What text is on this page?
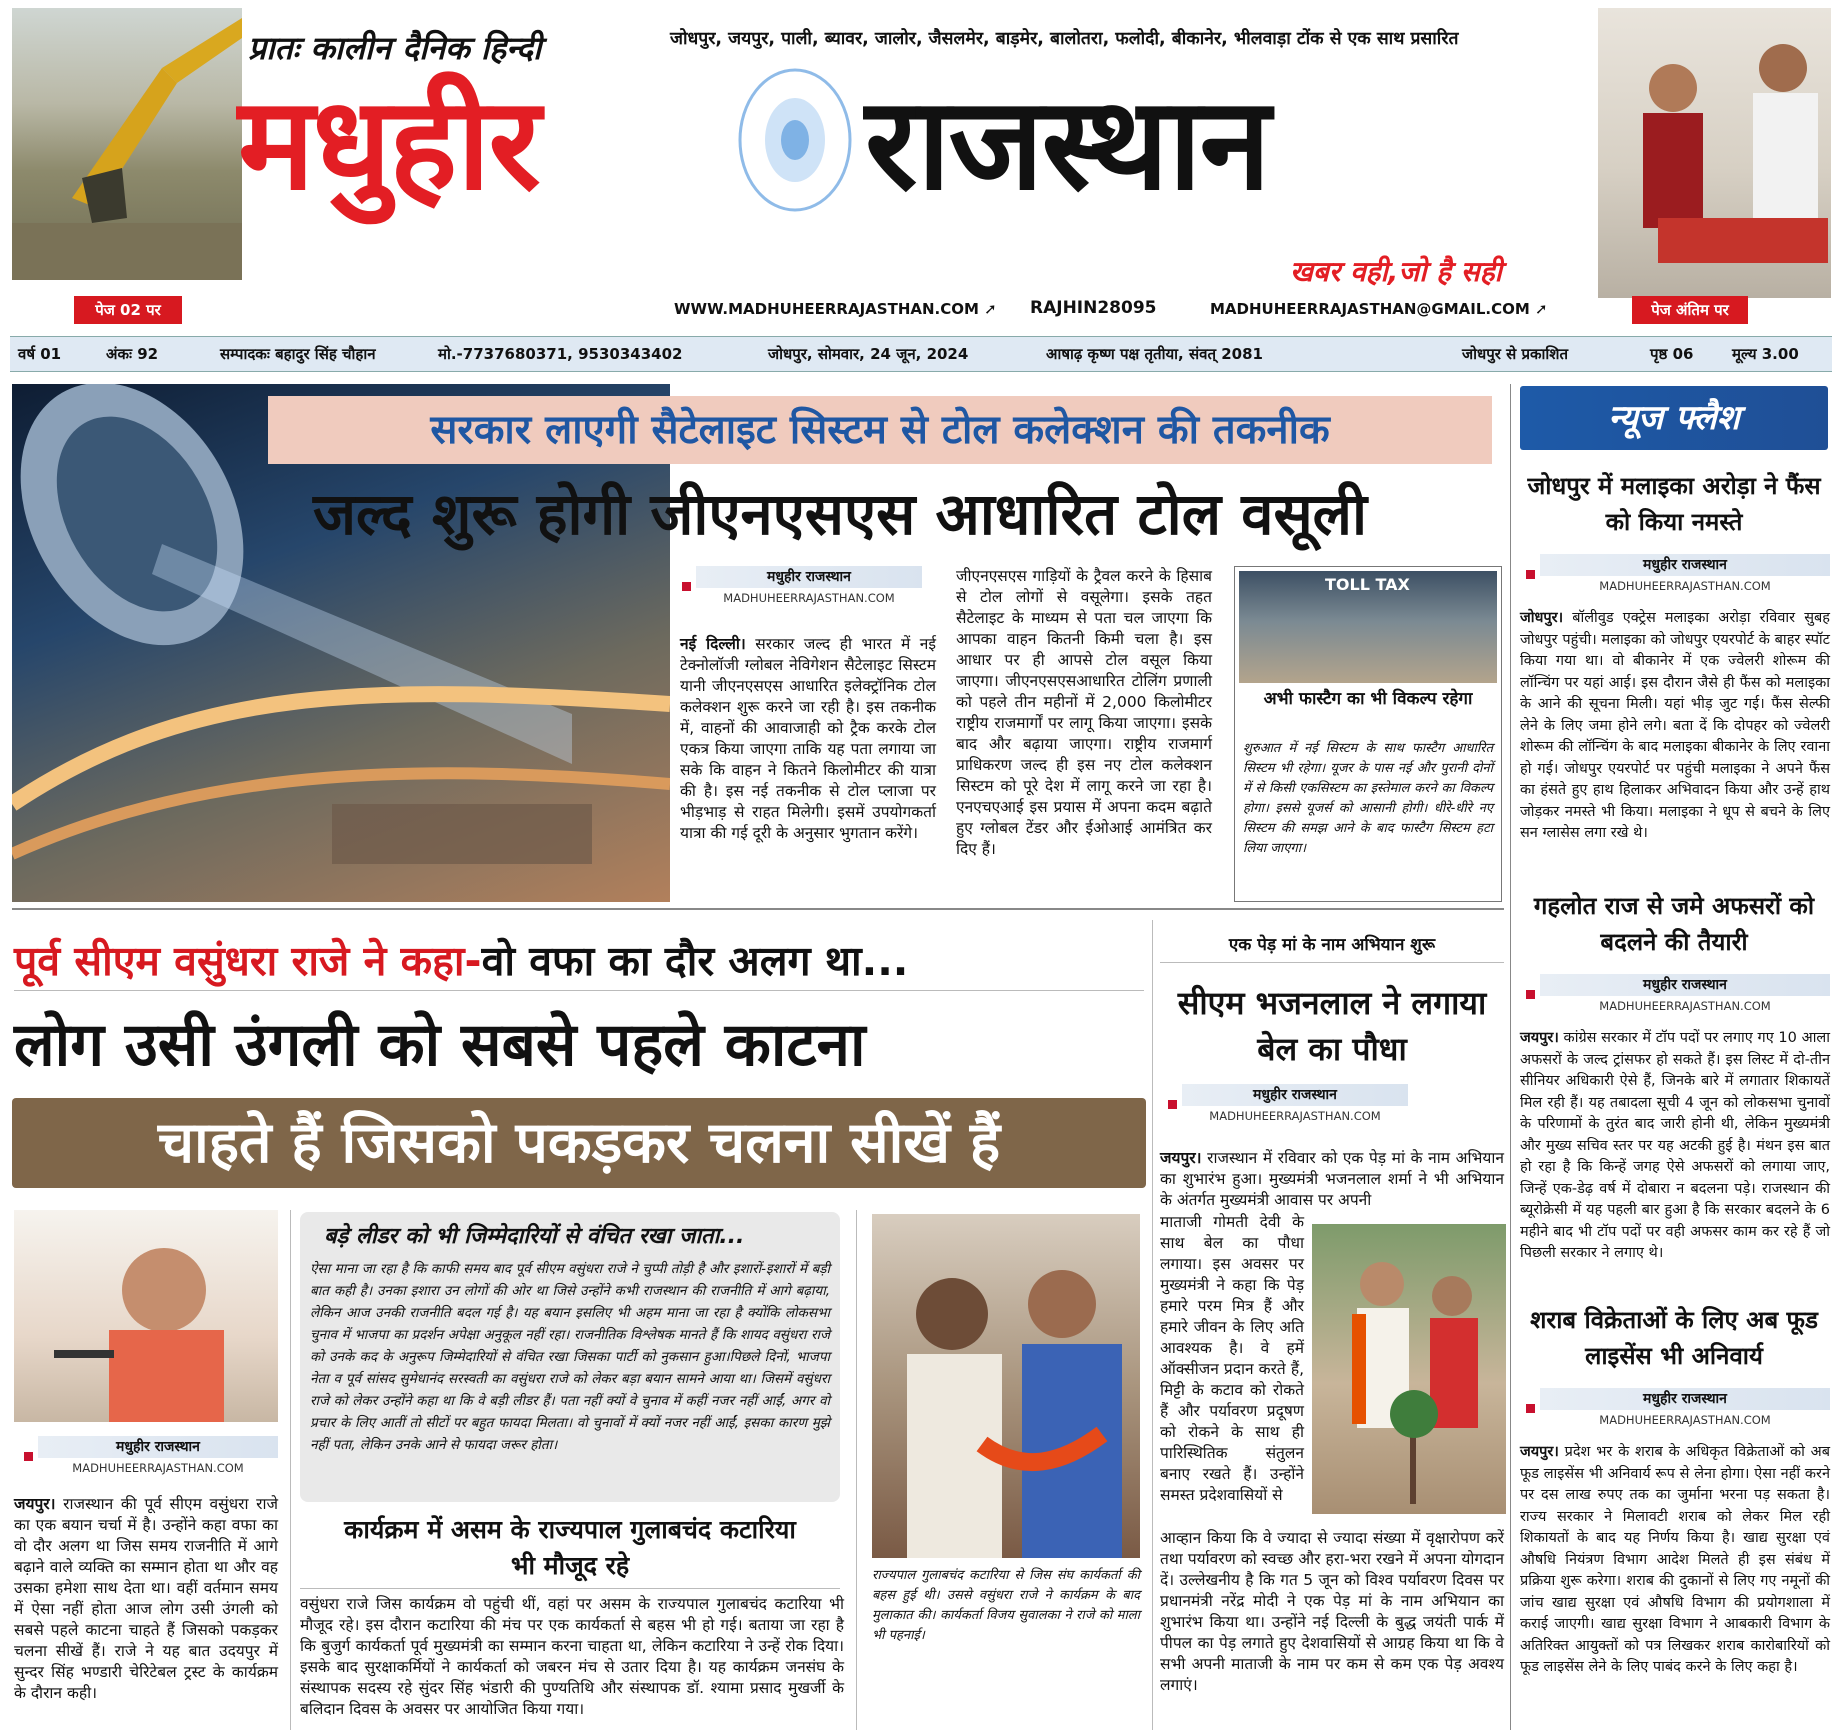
पेज 02 पर
प्रातः कालीन दैनिक हिन्दी	जोधपुर, जयपुर, पाली, ब्यावर, जालोर, जैसलमेर, बाड़मेर, बालोतरा, फलोदी, बीकानेर, भीलवाड़ा टोंक से एक साथ प्रसारित
मधुहीर	राजस्थान
खबर वही,जो है सही
WWW.MADHUHEERRAJASTHAN.COM ➚ RAJHIN28095	MADHUHEERRAJASTHAN@GMAIL.COM ➚	पेज अंतिम पर
वर्ष 01	अंकः 92	सम्पादकः बहादुर सिंह चौहान	मो.-7737680371, 9530343402	जोधपुर, सोमवार, 24 जून, 2024	आषाढ़ कृष्ण पक्ष तृतीया, संवत् 2081	जोधपुर से प्रकाशित	पृष्ठ 06	मूल्य 3.00
सरकार लाएगी सैटेलाइट सिस्टम से टोल कलेक्शन की तकनीक
जल्द शुरू होगी जीएनएसएस आधारित टोल वसूली
मधुहीर राजस्थान
MADHUHEERRAJASTHAN.COM
नई दिल्ली। सरकार जल्द ही भारत में नई टेक्नोलॉजी ग्लोबल नेविगेशन सैटेलाइट सिस्टम यानी जीएनएसएस आधारित इलेक्ट्रॉनिक टोल कलेक्शन शुरू करने जा रही है। इस तकनीक में, वाहनों की आवाजाही को ट्रैक करके टोल एकत्र किया जाएगा ताकि यह पता लगाया जा सके कि वाहन ने कितने किलोमीटर की यात्रा की है। इस नई तकनीक से टोल प्लाजा पर भीड़भाड़ से राहत मिलेगी। इसमें उपयोगकर्ता यात्रा की गई दूरी के अनुसार भुगतान करेंगे।
जीएनएसएस गाड़ियों के ट्रैवल करने के हिसाब से टोल लोगों से वसूलेगा। इसके तहत सैटेलाइट के माध्यम से पता चल जाएगा कि आपका वाहन कितनी किमी चला है। इस आधार पर ही आपसे टोल वसूल किया जाएगा। जीएनएसएसआधारित टोलिंग प्रणाली को पहले तीन महीनों में 2,000 किलोमीटर राष्ट्रीय राजमार्गों पर लागू किया जाएगा। इसके बाद और बढ़ाया जाएगा। राष्ट्रीय राजमार्ग प्राधिकरण जल्द ही इस नए टोल कलेक्शन सिस्टम को पूरे देश में लागू करने जा रहा है। एनएचएआई इस प्रयास में अपना कदम बढ़ाते हुए ग्लोबल टेंडर और ईओआई आमंत्रित कर दिए हैं।
TOLL TAX
अभी फास्टैग का भी विकल्प रहेगा
शुरुआत में नई सिस्टम के साथ फास्टैग आधारित सिस्टम भी रहेगा। यूजर के पास नई और पुरानी दोनों में से किसी एकसिस्टम का इस्तेमाल करने का विकल्प होगा। इससे यूजर्स को आसानी होगी। धीरे-धीरे नए सिस्टम की समझ आने के बाद फास्टैग सिस्टम हटा लिया जाएगा।
पूर्व सीएम वसुंधरा राजे ने कहा-वो वफा का दौर अलग था...
लोग उसी उंगली को सबसे पहले काटना
चाहते हैं जिसको पकड़कर चलना सीखें हैं
मधुहीर राजस्थान
MADHUHEERRAJASTHAN.COM
जयपुर। राजस्थान की पूर्व सीएम वसुंधरा राजे का एक बयान चर्चा में है। उन्होंने कहा वफा का वो दौर अलग था जिस समय राजनीति में आगे बढ़ाने वाले व्यक्ति का सम्मान होता था और वह उसका हमेशा साथ देता था। वहीं वर्तमान समय में ऐसा नहीं होता आज लोग उसी उंगली को सबसे पहले काटना चाहते हैं जिसको पकड़कर चलना सीखें हैं। राजे ने यह बात उदयपुर में सुन्दर सिंह भण्डारी चेरिटेबल ट्रस्ट के कार्यक्रम के दौरान कही।
बड़े लीडर को भी जिम्मेदारियों से वंचित रखा जाता...
ऐसा माना जा रहा है कि काफी समय बाद पूर्व सीएम वसुंधरा राजे ने चुप्पी तोड़ी है और इशारों-इशारों में बड़ी बात कही है। उनका इशारा उन लोगों की ओर था जिसे उन्होंने कभी राजस्थान की राजनीति में आगे बढ़ाया, लेकिन आज उनकी राजनीति बदल गई है। यह बयान इसलिए भी अहम माना जा रहा है क्योंकि लोकसभा चुनाव में भाजपा का प्रदर्शन अपेक्षा अनुकूल नहीं रहा। राजनीतिक विश्लेषक मानते हैं कि शायद वसुंधरा राजे को उनके कद के अनुरूप जिम्मेदारियों से वंचित रखा जिसका पार्टी को नुकसान हुआ।पिछले दिनों, भाजपा नेता व पूर्व सांसद सुमेधानंद सरस्वती का वसुंधरा राजे को लेकर बड़ा बयान सामने आया था। जिसमें वसुंधरा राजे को लेकर उन्होंने कहा था कि वे बड़ी लीडर हैं। पता नहीं क्यों वे चुनाव में कहीं नजर नहीं आईं, अगर वो प्रचार के लिए आतीं तो सीटों पर बहुत फायदा मिलता। वो चुनावों में क्यों नजर नहीं आईं, इसका कारण मुझे नहीं पता, लेकिन उनके आने से फायदा जरूर होता।
कार्यक्रम में असम के राज्यपाल गुलाबचंद कटारिया भी मौजूद रहे
वसुंधरा राजे जिस कार्यक्रम वो पहुंची थीं, वहां पर असम के राज्यपाल गुलाबचंद कटारिया भी मौजूद रहे। इस दौरान कटारिया की मंच पर एक कार्यकर्ता से बहस भी हो गई। बताया जा रहा है कि बुजुर्ग कार्यकर्ता पूर्व मुख्यमंत्री का सम्मान करना चाहता था, लेकिन कटारिया ने उन्हें रोक दिया। इसके बाद सुरक्षाकर्मियों ने कार्यकर्ता को जबरन मंच से उतार दिया है। यह कार्यक्रम जनसंघ के संस्थापक सदस्य रहे सुंदर सिंह भंडारी की पुण्यतिथि और संस्थापक डॉ. श्यामा प्रसाद मुखर्जी के बलिदान दिवस के अवसर पर आयोजित किया गया।
राज्यपाल गुलाबचंद कटारिया से जिस संघ कार्यकर्ता की बहस हुई थी। उससे वसुंधरा राजे ने कार्यक्रम के बाद मुलाकात की। कार्यकर्ता विजय सुवालका ने राजे को माला भी पहनाई।
एक पेड़ मां के नाम अभियान शुरू
सीएम भजनलाल ने लगाया बेल का पौधा
मधुहीर राजस्थान
MADHUHEERRAJASTHAN.COM
जयपुर। राजस्थान में रविवार को एक पेड़ मां के नाम अभियान का शुभारंभ हुआ। मुख्यमंत्री भजनलाल शर्मा ने भी अभियान के अंतर्गत मुख्यमंत्री आवास पर अपनी
माताजी गोमती देवी के साथ बेल का पौधा लगाया। इस अवसर पर मुख्यमंत्री ने कहा कि पेड़ हमारे परम मित्र हैं और हमारे जीवन के लिए अति आवश्यक है। वे हमें ऑक्सीजन प्रदान करते हैं, मिट्टी के कटाव को रोकते हैं और पर्यावरण प्रदूषण को रोकने के साथ ही पारिस्थितिक संतुलन बनाए रखते हैं। उन्होंने समस्त प्रदेशवासियों से
आव्हान किया कि वे ज्यादा से ज्यादा संख्या में वृक्षारोपण करें तथा पर्यावरण को स्वच्छ और हरा-भरा रखने में अपना योगदान दें। उल्लेखनीय है कि गत 5 जून को विश्व पर्यावरण दिवस पर प्रधानमंत्री नरेंद्र मोदी ने एक पेड़ मां के नाम अभियान का शुभारंभ किया था। उन्होंने नई दिल्ली के बुद्ध जयंती पार्क में पीपल का पेड़ लगाते हुए देशवासियों से आग्रह किया था कि वे सभी अपनी माताजी के नाम पर कम से कम एक पेड़ अवश्य लगाएं।
न्यूज फ्लैश
जोधपुर में मलाइका अरोड़ा ने फैंस को किया नमस्ते
मधुहीर राजस्थान
MADHUHEERRAJASTHAN.COM
जोधपुर। बॉलीवुड एक्ट्रेस मलाइका अरोड़ा रविवार सुबह जोधपुर पहुंची। मलाइका को जोधपुर एयरपोर्ट के बाहर स्पॉट किया गया था। वो बीकानेर में एक ज्वेलरी शोरूम की लॉन्चिंग पर यहां आई। इस दौरान जैसे ही फैंस को मलाइका के आने की सूचना मिली। यहां भीड़ जुट गई। फैंस सेल्फी लेने के लिए जमा होने लगे। बता दें कि दोपहर को ज्वेलरी शोरूम की लॉन्चिंग के बाद मलाइका बीकानेर के लिए रवाना हो गई। जोधपुर एयरपोर्ट पर पहुंची मलाइका ने अपने फैंस का हंसते हुए हाथ हिलाकर अभिवादन किया और उन्हें हाथ जोड़कर नमस्ते भी किया। मलाइका ने धूप से बचने के लिए सन ग्लासेस लगा रखे थे।
गहलोत राज से जमे अफसरों को बदलने की तैयारी
मधुहीर राजस्थान
MADHUHEERRAJASTHAN.COM
जयपुर। कांग्रेस सरकार में टॉप पदों पर लगाए गए 10 आला अफसरों के जल्द ट्रांसफर हो सकते हैं। इस लिस्ट में दो-तीन सीनियर अधिकारी ऐसे हैं, जिनके बारे में लगातार शिकायतें मिल रही हैं। यह तबादला सूची 4 जून को लोकसभा चुनावों के परिणामों के तुरंत बाद जारी होनी थी, लेकिन मुख्यमंत्री और मुख्य सचिव स्तर पर यह अटकी हुई है। मंथन इस बात हो रहा है कि किन्हें जगह ऐसे अफसरों को लगाया जाए, जिन्हें एक-डेढ़ वर्ष में दोबारा न बदलना पड़े। राजस्थान की ब्यूरोक्रेसी में यह पहली बार हुआ है कि सरकार बदलने के 6 महीने बाद भी टॉप पदों पर वही अफसर काम कर रहे हैं जो पिछली सरकार ने लगाए थे।
शराब विक्रेताओं के लिए अब फूड लाइसेंस भी अनिवार्य
मधुहीर राजस्थान
MADHUHEERRAJASTHAN.COM
जयपुर। प्रदेश भर के शराब के अधिकृत विक्रेताओं को अब फूड लाइसेंस भी अनिवार्य रूप से लेना होगा। ऐसा नहीं करने पर दस लाख रुपए तक का जुर्माना भरना पड़ सकता है। राज्य सरकार ने मिलावटी शराब को लेकर मिल रही शिकायतों के बाद यह निर्णय किया है। खाद्य सुरक्षा एवं औषधि नियंत्रण विभाग आदेश मिलते ही इस संबंध में प्रक्रिया शुरू करेगा। शराब की दुकानों से लिए गए नमूनों की जांच खाद्य सुरक्षा एवं औषधि विभाग की प्रयोगशाला में कराई जाएगी। खाद्य सुरक्षा विभाग ने आबकारी विभाग के अतिरिक्त आयुक्तों को पत्र लिखकर शराब कारोबारियों को फूड लाइसेंस लेने के लिए पाबंद करने के लिए कहा है।
